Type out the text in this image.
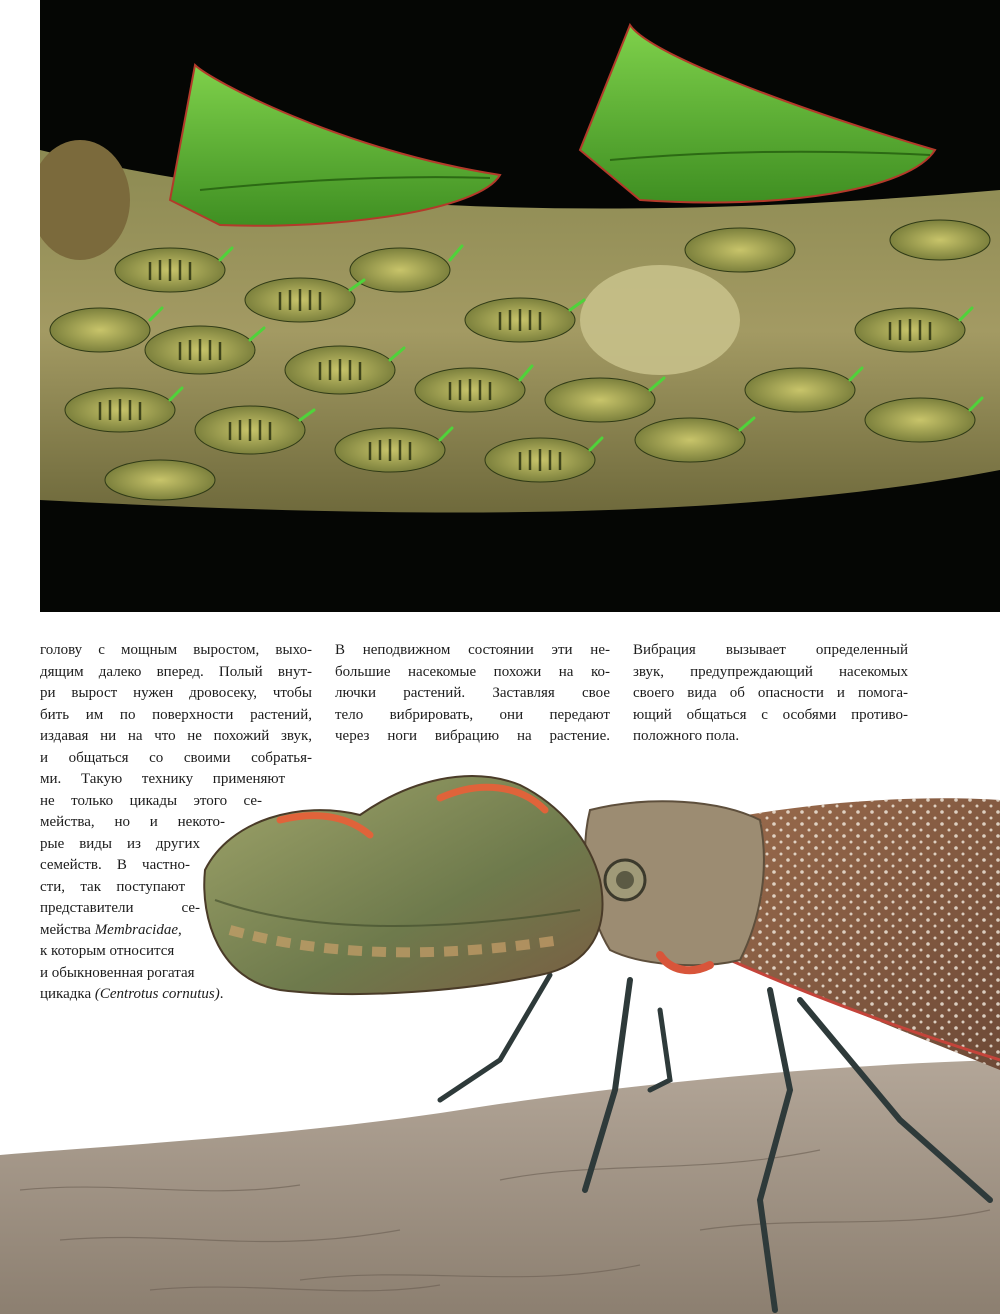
голову с мощным выростом, выхо-
дящим далеко вперед. Полый внут-
ри вырост нужен дровосеку, чтобы
бить им по поверхности растений,
издавая ни на что не похожий звук,
и общаться со своими собратья-
ми. Такую технику применяют
не только цикады этого се-
мейства, но и некото-
рые виды из других
семейств. В частно-
сти, так поступают
представители се-
мейства Membracidae,
к которым относится
и обыкновенная рогатая
цикадка (Centrotus cornutus).
В неподвижном состоянии эти не-
большие насекомые похожи на ко-
лючки растений. Заставляя свое
тело вибрировать, они передают
через ноги вибрацию на растение.
Вибрация вызывает определенный
звук, предупреждающий насекомых
своего вида об опасности и помога-
ющий общаться с особями противо-
положного пола.
